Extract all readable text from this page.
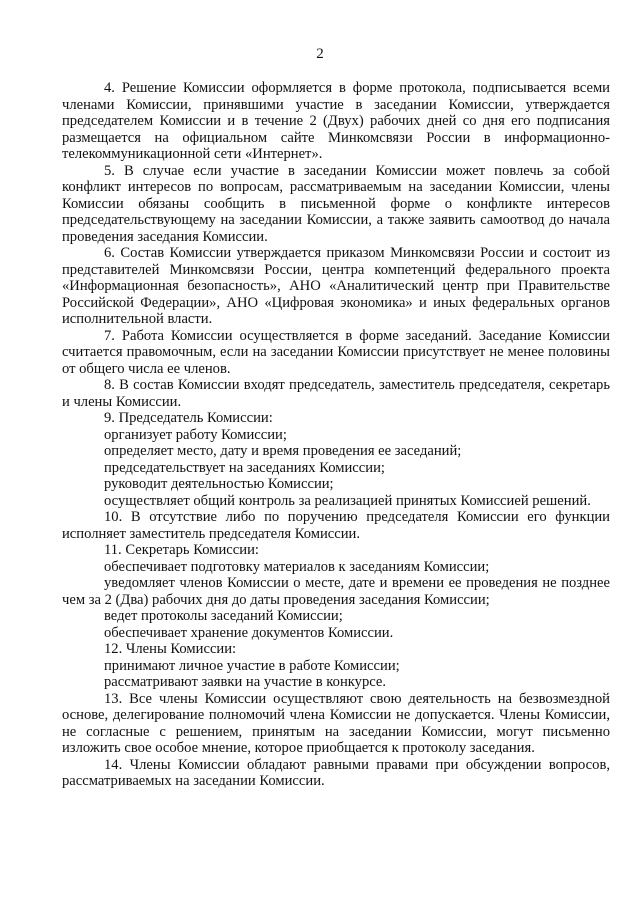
2

4. Решение Комиссии оформляется в форме протокола, подписывается всеми членами Комиссии, принявшими участие в заседании Комиссии, утверждается председателем Комиссии и в течение 2 (Двух) рабочих дней со дня его подписания размещается на официальном сайте Минкомсвязи России в информационно-телекоммуникационной сети «Интернет».

5. В случае если участие в заседании Комиссии может повлечь за собой конфликт интересов по вопросам, рассматриваемым на заседании Комиссии, члены Комиссии обязаны сообщить в письменной форме о конфликте интересов председательствующему на заседании Комиссии, а также заявить самоотвод до начала проведения заседания Комиссии.

6. Состав Комиссии утверждается приказом Минкомсвязи России и состоит из представителей Минкомсвязи России, центра компетенций федерального проекта «Информационная безопасность», АНО «Аналитический центр при Правительстве Российской Федерации», АНО «Цифровая экономика» и иных федеральных органов исполнительной власти.

7. Работа Комиссии осуществляется в форме заседаний. Заседание Комиссии считается правомочным, если на заседании Комиссии присутствует не менее половины от общего числа ее членов.

8. В состав Комиссии входят председатель, заместитель председателя, секретарь и члены Комиссии.

9. Председатель Комиссии:

организует работу Комиссии;

определяет место, дату и время проведения ее заседаний;

председательствует на заседаниях Комиссии;

руководит деятельностью Комиссии;

осуществляет общий контроль за реализацией принятых Комиссией решений.

10. В отсутствие либо по поручению председателя Комиссии его функции исполняет заместитель председателя Комиссии.

11. Секретарь Комиссии:

обеспечивает подготовку материалов к заседаниям Комиссии;

уведомляет членов Комиссии о месте, дате и времени ее проведения не позднее чем за 2 (Два) рабочих дня до даты проведения заседания Комиссии;

ведет протоколы заседаний Комиссии;

обеспечивает хранение документов Комиссии.

12. Члены Комиссии:

принимают личное участие в работе Комиссии;

рассматривают заявки на участие в конкурсе.

13. Все члены Комиссии осуществляют свою деятельность на безвозмездной основе, делегирование полномочий члена Комиссии не допускается. Члены Комиссии, не согласные с решением, принятым на заседании Комиссии, могут письменно изложить свое особое мнение, которое приобщается к протоколу заседания.

14. Члены Комиссии обладают равными правами при обсуждении вопросов, рассматриваемых на заседании Комиссии.
